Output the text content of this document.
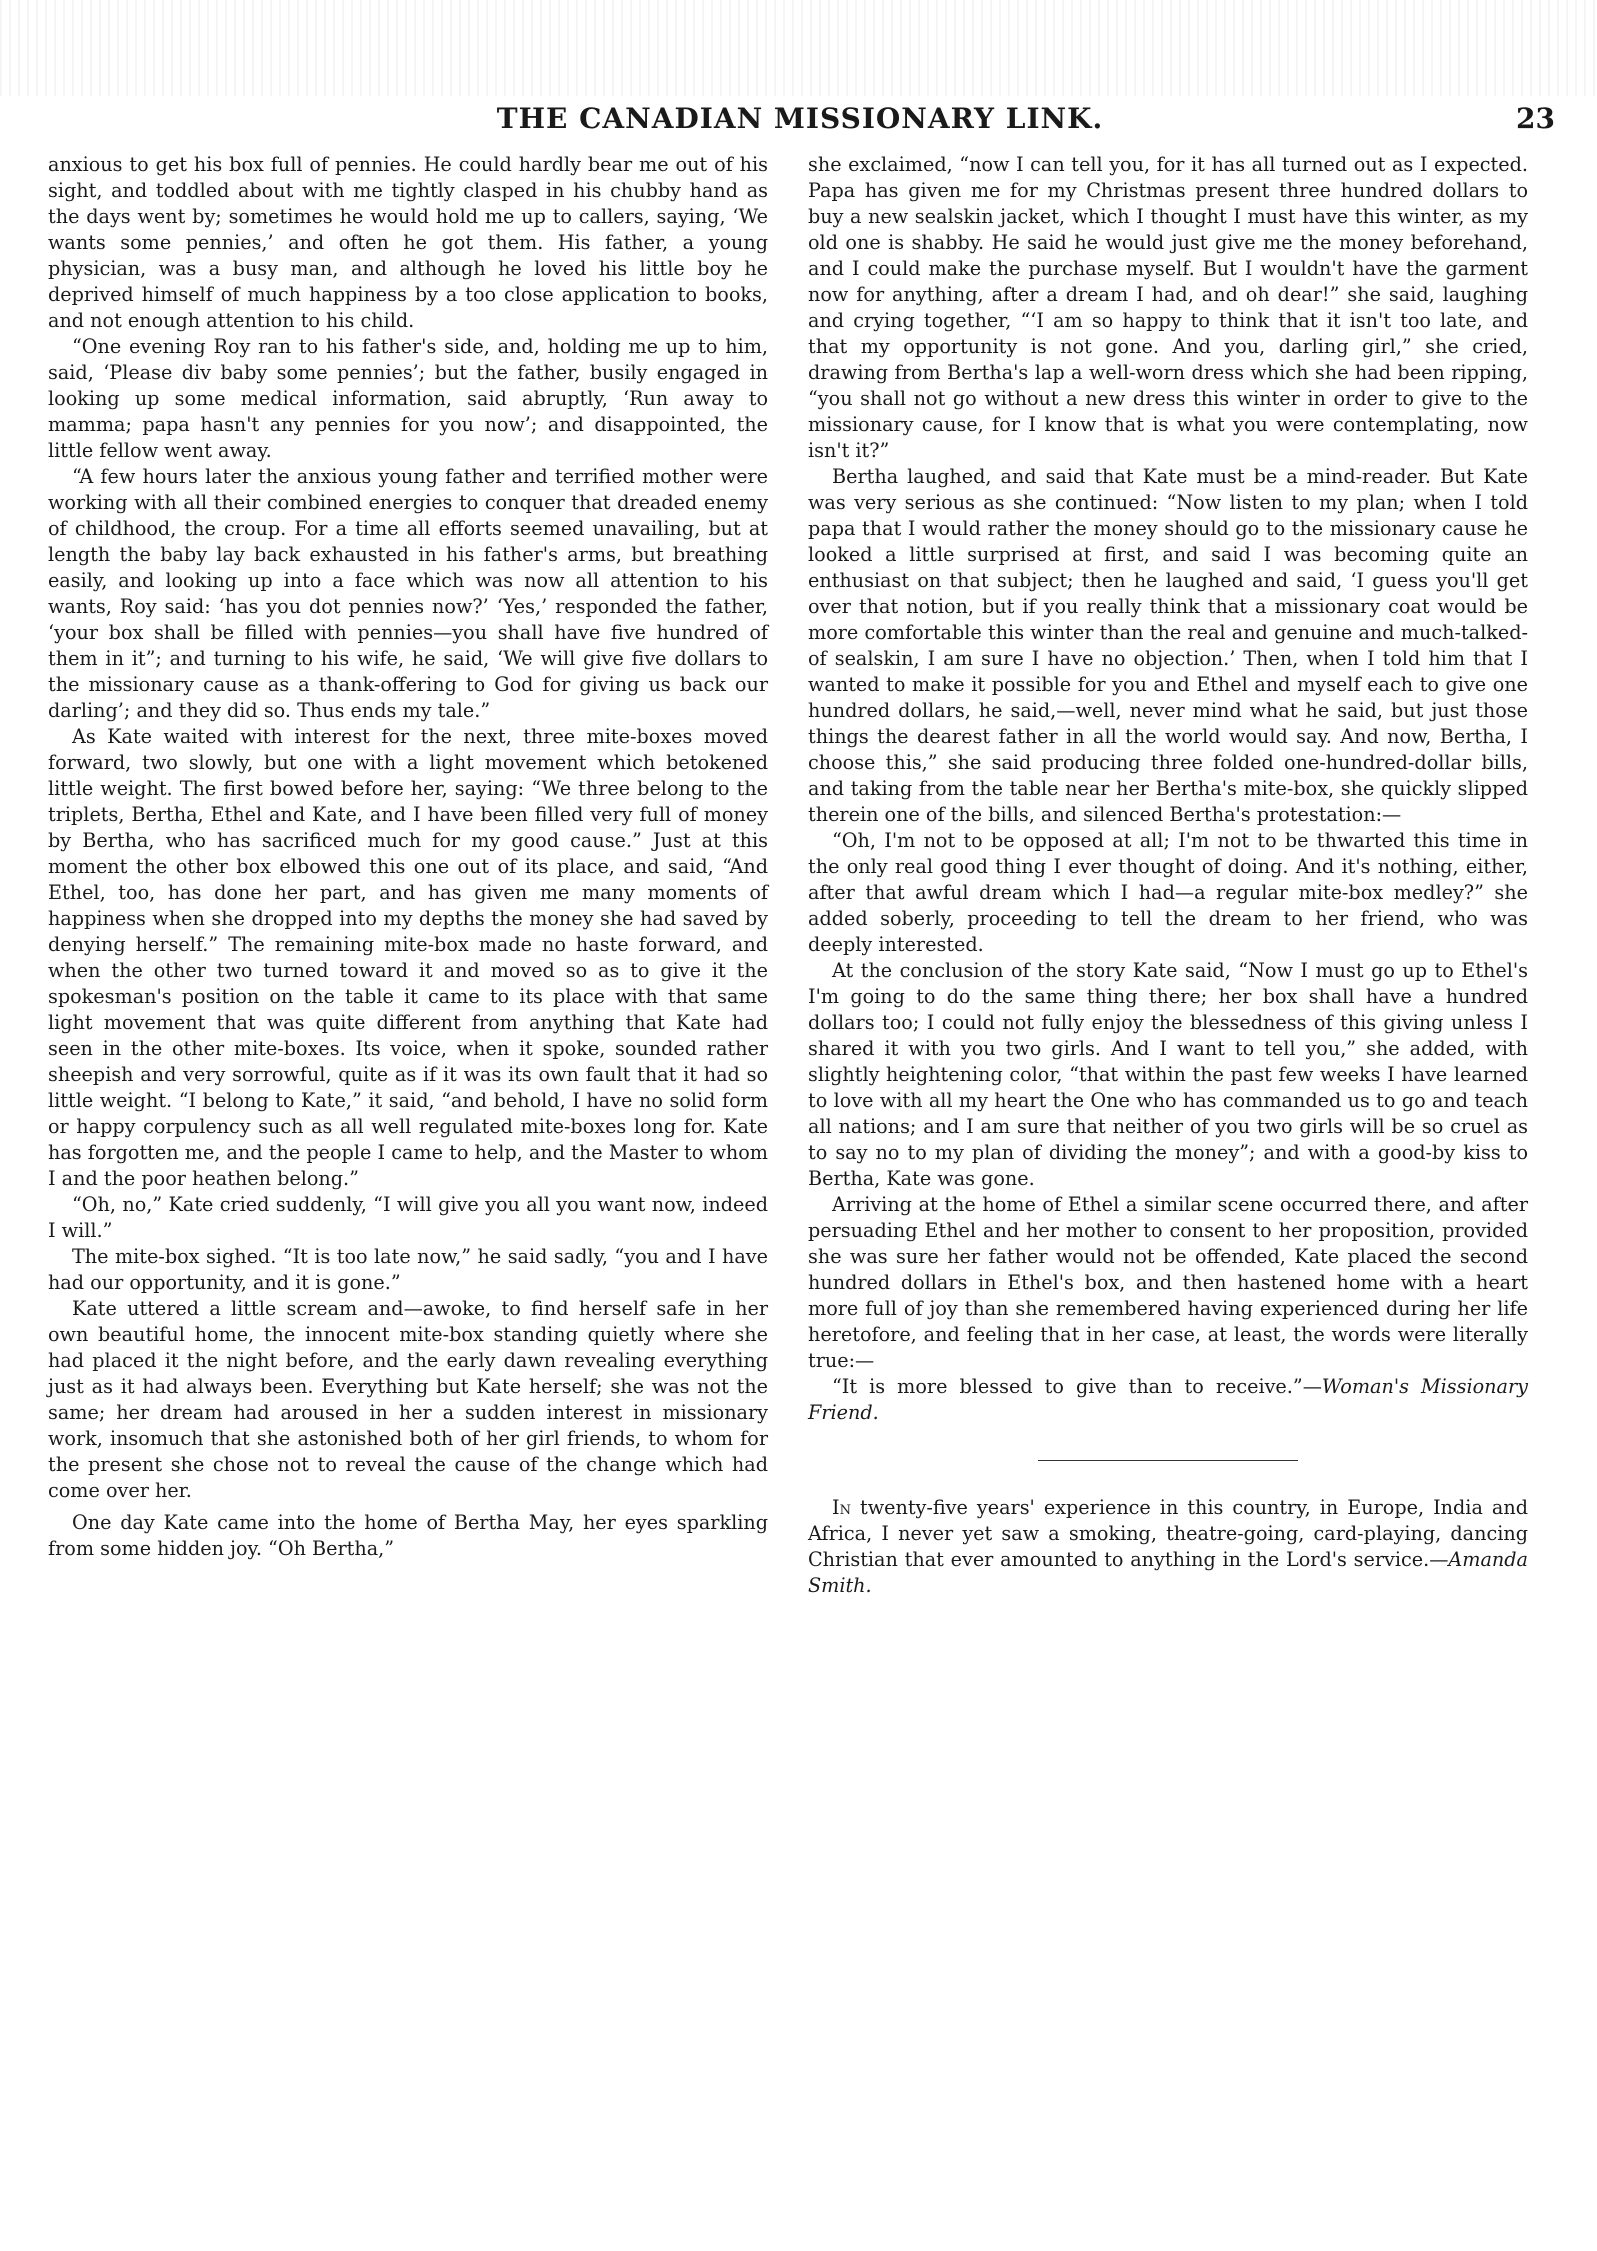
THE CANADIAN MISSIONARY LINK.	23

anxious to get his box full of pennies. He could hardly bear me out of his sight, and toddled about with me tightly clasped in his chubby hand as the days went by; sometimes he would hold me up to callers, saying, ‘We wants some pennies,’ and often he got them. His father, a young physician, was a busy man, and although he loved his little boy he deprived himself of much happiness by a too close application to books, and not enough attention to his child.

“One evening Roy ran to his father's side, and, holding me up to him, said, ‘Please div baby some pennies’; but the father, busily engaged in looking up some medical information, said abruptly, ‘Run away to mamma; papa hasn't any pennies for you now’; and disappointed, the little fellow went away.

“A few hours later the anxious young father and terrified mother were working with all their combined energies to conquer that dreaded enemy of childhood, the croup. For a time all efforts seemed unavailing, but at length the baby lay back exhausted in his father's arms, but breathing easily, and looking up into a face which was now all attention to his wants, Roy said: ‘has you dot pennies now?’ ‘Yes,’ responded the father, ‘your box shall be filled with pennies—you shall have five hundred of them in it”; and turning to his wife, he said, ‘We will give five dollars to the missionary cause as a thank-offering to God for giving us back our darling’; and they did so. Thus ends my tale.”

As Kate waited with interest for the next, three mite-boxes moved forward, two slowly, but one with a light movement which betokened little weight. The first bowed before her, saying: “We three belong to the triplets, Bertha, Ethel and Kate, and I have been filled very full of money by Bertha, who has sacrificed much for my good cause.” Just at this moment the other box elbowed this one out of its place, and said, “And Ethel, too, has done her part, and has given me many moments of happiness when she dropped into my depths the money she had saved by denying herself.” The remaining mite-box made no haste forward, and when the other two turned toward it and moved so as to give it the spokesman's position on the table it came to its place with that same light movement that was quite different from anything that Kate had seen in the other mite-boxes. Its voice, when it spoke, sounded rather sheepish and very sorrowful, quite as if it was its own fault that it had so little weight. “I belong to Kate,” it said, “and behold, I have no solid form or happy corpulency such as all well regulated mite-boxes long for. Kate has forgotten me, and the people I came to help, and the Master to whom I and the poor heathen belong.”

“Oh, no,” Kate cried suddenly, “I will give you all you want now, indeed I will.”

The mite-box sighed. “It is too late now,” he said sadly, “you and I have had our opportunity, and it is gone.”

Kate uttered a little scream and—awoke, to find herself safe in her own beautiful home, the innocent mite-box standing quietly where she had placed it the night before, and the early dawn revealing everything just as it had always been. Everything but Kate herself; she was not the same; her dream had aroused in her a sudden interest in missionary work, insomuch that she astonished both of her girl friends, to whom for the present she chose not to reveal the cause of the change which had come over her.

One day Kate came into the home of Bertha May, her eyes sparkling from some hidden joy. “Oh Bertha,”

she exclaimed, “now I can tell you, for it has all turned out as I expected. Papa has given me for my Christmas present three hundred dollars to buy a new sealskin jacket, which I thought I must have this winter, as my old one is shabby. He said he would just give me the money beforehand, and I could make the purchase myself. But I wouldn't have the garment now for anything, after a dream I had, and oh dear!” she said, laughing and crying together, “‘I am so happy to think that it isn't too late, and that my opportunity is not gone. And you, darling girl,” she cried, drawing from Bertha's lap a well-worn dress which she had been ripping, “you shall not go without a new dress this winter in order to give to the missionary cause, for I know that is what you were contemplating, now isn't it?”

Bertha laughed, and said that Kate must be a mind-reader. But Kate was very serious as she continued: “Now listen to my plan; when I told papa that I would rather the money should go to the missionary cause he looked a little surprised at first, and said I was becoming quite an enthusiast on that subject; then he laughed and said, ‘I guess you'll get over that notion, but if you really think that a missionary coat would be more comfortable this winter than the real and genuine and much-talked-of sealskin, I am sure I have no objection.’ Then, when I told him that I wanted to make it possible for you and Ethel and myself each to give one hundred dollars, he said,—well, never mind what he said, but just those things the dearest father in all the world would say. And now, Bertha, I choose this,” she said producing three folded one-hundred-dollar bills, and taking from the table near her Bertha's mite-box, she quickly slipped therein one of the bills, and silenced Bertha's protestation:—

“Oh, I'm not to be opposed at all; I'm not to be thwarted this time in the only real good thing I ever thought of doing. And it's nothing, either, after that awful dream which I had—a regular mite-box medley?” she added soberly, proceeding to tell the dream to her friend, who was deeply interested.

At the conclusion of the story Kate said, “Now I must go up to Ethel's I'm going to do the same thing there; her box shall have a hundred dollars too; I could not fully enjoy the blessedness of this giving unless I shared it with you two girls. And I want to tell you,” she added, with slightly heightening color, “that within the past few weeks I have learned to love with all my heart the One who has commanded us to go and teach all nations; and I am sure that neither of you two girls will be so cruel as to say no to my plan of dividing the money”; and with a good-by kiss to Bertha, Kate was gone.

Arriving at the home of Ethel a similar scene occurred there, and after persuading Ethel and her mother to consent to her proposition, provided she was sure her father would not be offended, Kate placed the second hundred dollars in Ethel's box, and then hastened home with a heart more full of joy than she remembered having experienced during her life heretofore, and feeling that in her case, at least, the words were literally true:—

“It is more blessed to give than to receive.”—Woman's Missionary Friend.

In twenty-five years' experience in this country, in Europe, India and Africa, I never yet saw a smoking, theatre-going, card-playing, dancing Christian that ever amounted to anything in the Lord's service.—Amanda Smith.
